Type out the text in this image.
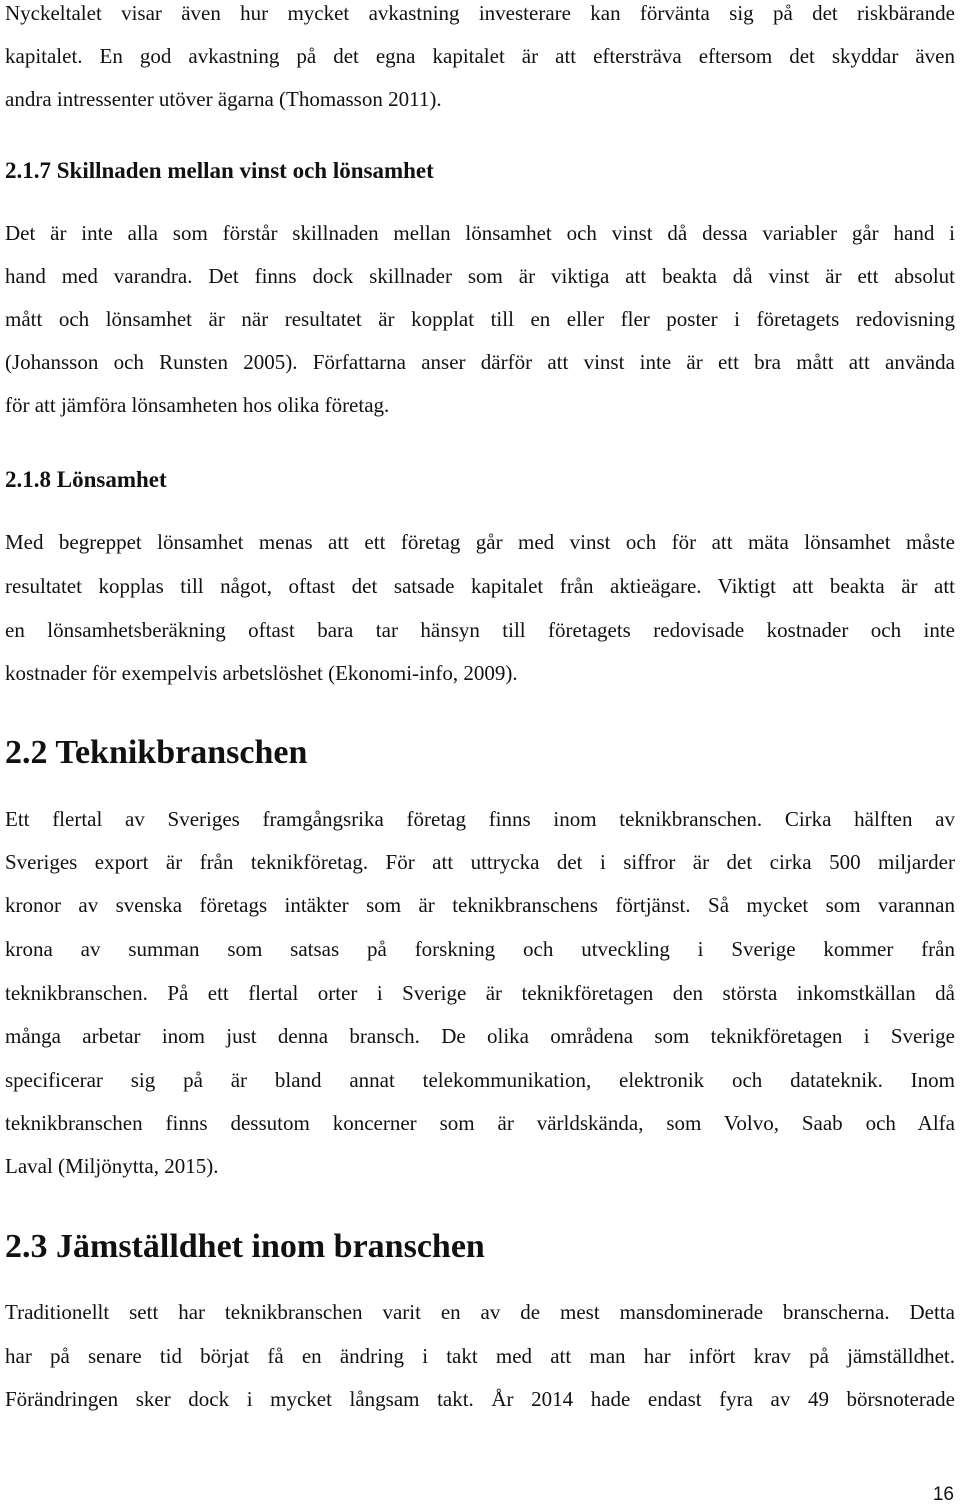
Nyckeltalet visar även hur mycket avkastning investerare kan förvänta sig på det riskbärande
kapitalet. En god avkastning på det egna kapitalet är att eftersträva eftersom det skyddar även
andra intressenter utöver ägarna (Thomasson 2011).
2.1.7 Skillnaden mellan vinst och lönsamhet
Det är inte alla som förstår skillnaden mellan lönsamhet och vinst då dessa variabler går hand i
hand med varandra. Det finns dock skillnader som är viktiga att beakta då vinst är ett absolut
mått och lönsamhet är när resultatet är kopplat till en eller fler poster i företagets redovisning
(Johansson och Runsten 2005). Författarna anser därför att vinst inte är ett bra mått att använda
för att jämföra lönsamheten hos olika företag.
2.1.8 Lönsamhet
Med begreppet lönsamhet menas att ett företag går med vinst och för att mäta lönsamhet måste
resultatet kopplas till något, oftast det satsade kapitalet från aktieägare. Viktigt att beakta är att
en lönsamhetsberäkning oftast bara tar hänsyn till företagets redovisade kostnader och inte
kostnader för exempelvis arbetslöshet (Ekonomi-info, 2009).
2.2 Teknikbranschen
Ett flertal av Sveriges framgångsrika företag finns inom teknikbranschen. Cirka hälften av
Sveriges export är från teknikföretag. För att uttrycka det i siffror är det cirka 500 miljarder
kronor av svenska företags intäkter som är teknikbranschens förtjänst. Så mycket som varannan
krona av summan som satsas på forskning och utveckling i Sverige kommer från
teknikbranschen. På ett flertal orter i Sverige är teknikföretagen den största inkomstkällan då
många arbetar inom just denna bransch. De olika områdena som teknikföretagen i Sverige
specificerar sig på är bland annat telekommunikation, elektronik och datateknik. Inom
teknikbranschen finns dessutom koncerner som är världskända, som Volvo, Saab och Alfa
Laval (Miljönytta, 2015).
2.3 Jämställdhet inom branschen
Traditionellt sett har teknikbranschen varit en av de mest mansdominerade branscherna. Detta
har på senare tid börjat få en ändring i takt med att man har infört krav på jämställdhet.
Förändringen sker dock i mycket långsam takt. År 2014 hade endast fyra av 49 börsnoterade
16
